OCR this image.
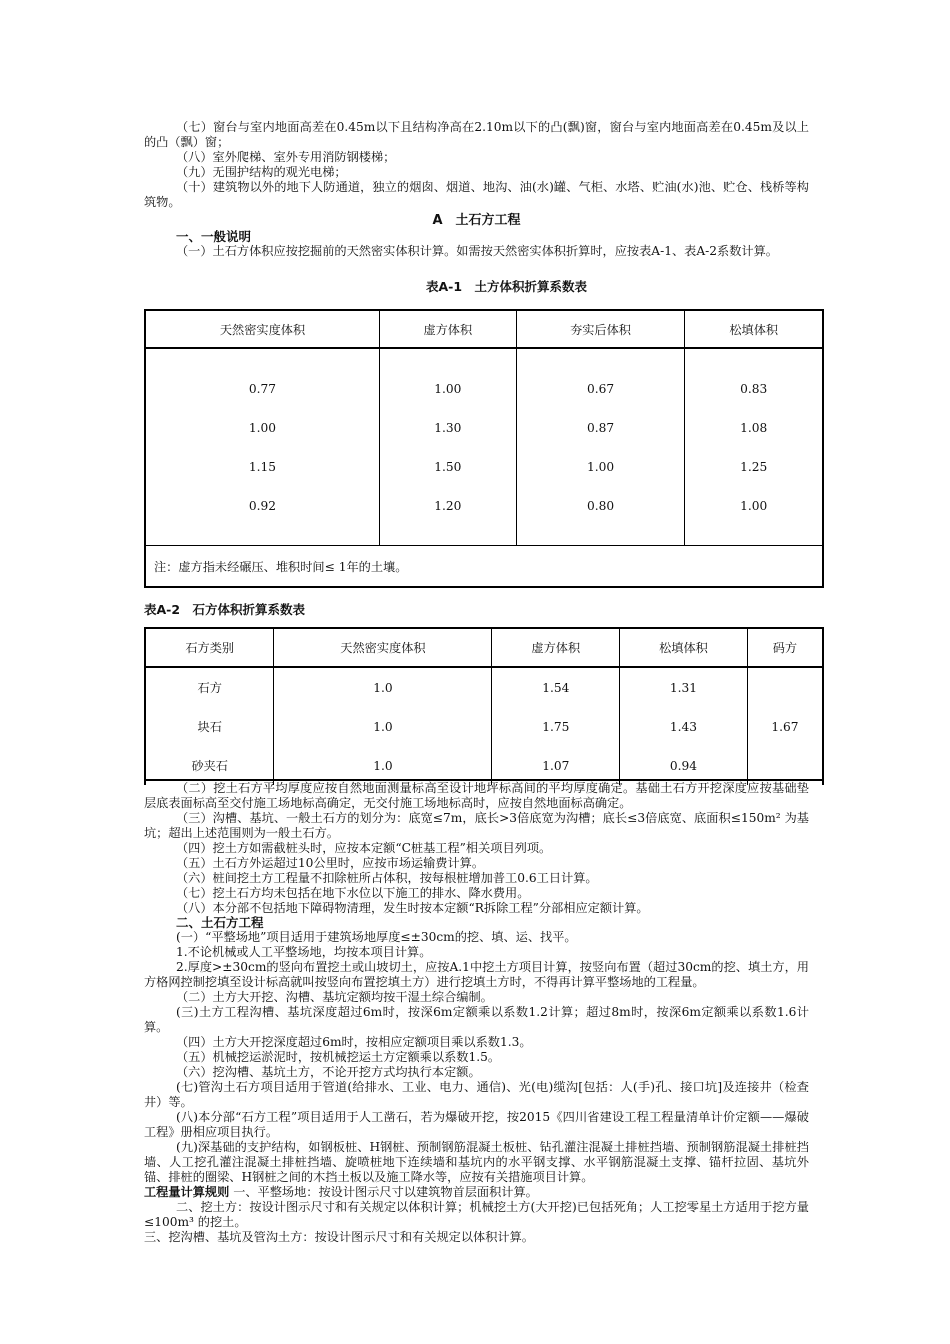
（七）窗台与室内地面高差在0.45m以下且结构净高在2.10m以下的凸(飘)窗，窗台与室内地面高差在0.45m及以上的凸（飘）窗；

（八）室外爬梯、室外专用消防钢楼梯；

（九）无围护结构的观光电梯；

（十）建筑物以外的地下人防通道，独立的烟囱、烟道、地沟、油(水)罐、气柜、水塔、贮油(水)池、贮仓、栈桥等构筑物。

A　土石方工程
一、一般说明

（一）土石方体积应按挖掘前的天然密实体积计算。如需按天然密实体积折算时，应按表A-1、表A-2系数计算。

表A-1　土方体积折算系数表
天然密实度体积	虚方体积	夯实后体积	松填体积

0.77	1.00	0.67	0.83
1.00	1.30	0.87	1.08
1.15	1.50	1.00	1.25
0.92	1.20	0.80	1.00

注：虚方指未经碾压、堆积时间≤ 1年的土壤。			
表A-2　石方体积折算系数表
石方类别	天然密实度体积	虚方体积	松填体积	码方
石方	1.0	1.54	1.31	
块石	1.0	1.75	1.43	1.67
砂夹石	1.0	1.07	0.94	

（二）挖土石方平均厚度应按自然地面测量标高至设计地坪标高间的平均厚度确定。基础土石方开挖深度应按基础垫层底表面标高至交付施工场地标高确定，无交付施工场地标高时，应按自然地面标高确定。

（三）沟槽、基坑、一般土石方的划分为：底宽≤7m，底长>3倍底宽为沟槽；底长≤3倍底宽、底面积≤150m² 为基坑；超出上述范围则为一般土石方。

（四）挖土方如需截桩头时，应按本定额“C桩基工程”相关项目列项。

（五）土石方外运超过10公里时，应按市场运输费计算。

（六）桩间挖土方工程量不扣除桩所占体积，按每根桩增加普工0.6工日计算。

（七）挖土石方均未包括在地下水位以下施工的排水、降水费用。

（八）本分部不包括地下障碍物清理，发生时按本定额“R拆除工程”分部相应定额计算。

二、土石方工程

(一）“平整场地”项目适用于建筑场地厚度≤±30cm的挖、填、运、找平。

1.不论机械或人工平整场地，均按本项目计算。

2.厚度>±30cm的竖向布置挖土或山坡切土，应按A.1中挖土方项目计算，按竖向布置（超过30cm的挖、填土方，用方格网控制挖填至设计标高就叫按竖向布置挖填土方）进行挖填土方时，不得再计算平整场地的工程量。

（二）土方大开挖、沟槽、基坑定额均按干湿土综合编制。

(三)土方工程沟槽、基坑深度超过6m时，按深6m定额乘以系数1.2计算；超过8m时，按深6m定额乘以系数1.6计算。

（四）土方大开挖深度超过6m时，按相应定额项目乘以系数1.3。

（五）机械挖运淤泥时，按机械挖运土方定额乘以系数1.5。

（六）挖沟槽、基坑土方，不论开挖方式均执行本定额。

(七)管沟土石方项目适用于管道(给排水、工业、电力、通信)、光(电)缆沟[包括：人(手)孔、接口坑]及连接井（检查井）等。

(八)本分部“石方工程”项目适用于人工凿石，若为爆破开挖，按2015《四川省建设工程工程量清单计价定额——爆破工程》册相应项目执行。

(九)深基础的支护结构，如钢板桩、H钢桩、预制钢筋混凝土板桩、钻孔灌注混凝土排桩挡墙、预制钢筋混凝土排桩挡墙、人工挖孔灌注混凝土排桩挡墙、旋喷桩地下连续墙和基坑内的水平钢支撑、水平钢筋混凝土支撑、锚杆拉固、基坑外锚、排桩的圈梁、H钢桩之间的木挡土板以及施工降水等，应按有关措施项目计算。

工程量计算规则 一、平整场地：按设计图示尺寸以建筑物首层面积计算。

二、挖土方：按设计图示尺寸和有关规定以体积计算；机械挖土方(大开挖)已包括死角；人工挖零星土方适用于挖方量≤100m³ 的挖土。

三、挖沟槽、基坑及管沟土方：按设计图示尺寸和有关规定以体积计算。
